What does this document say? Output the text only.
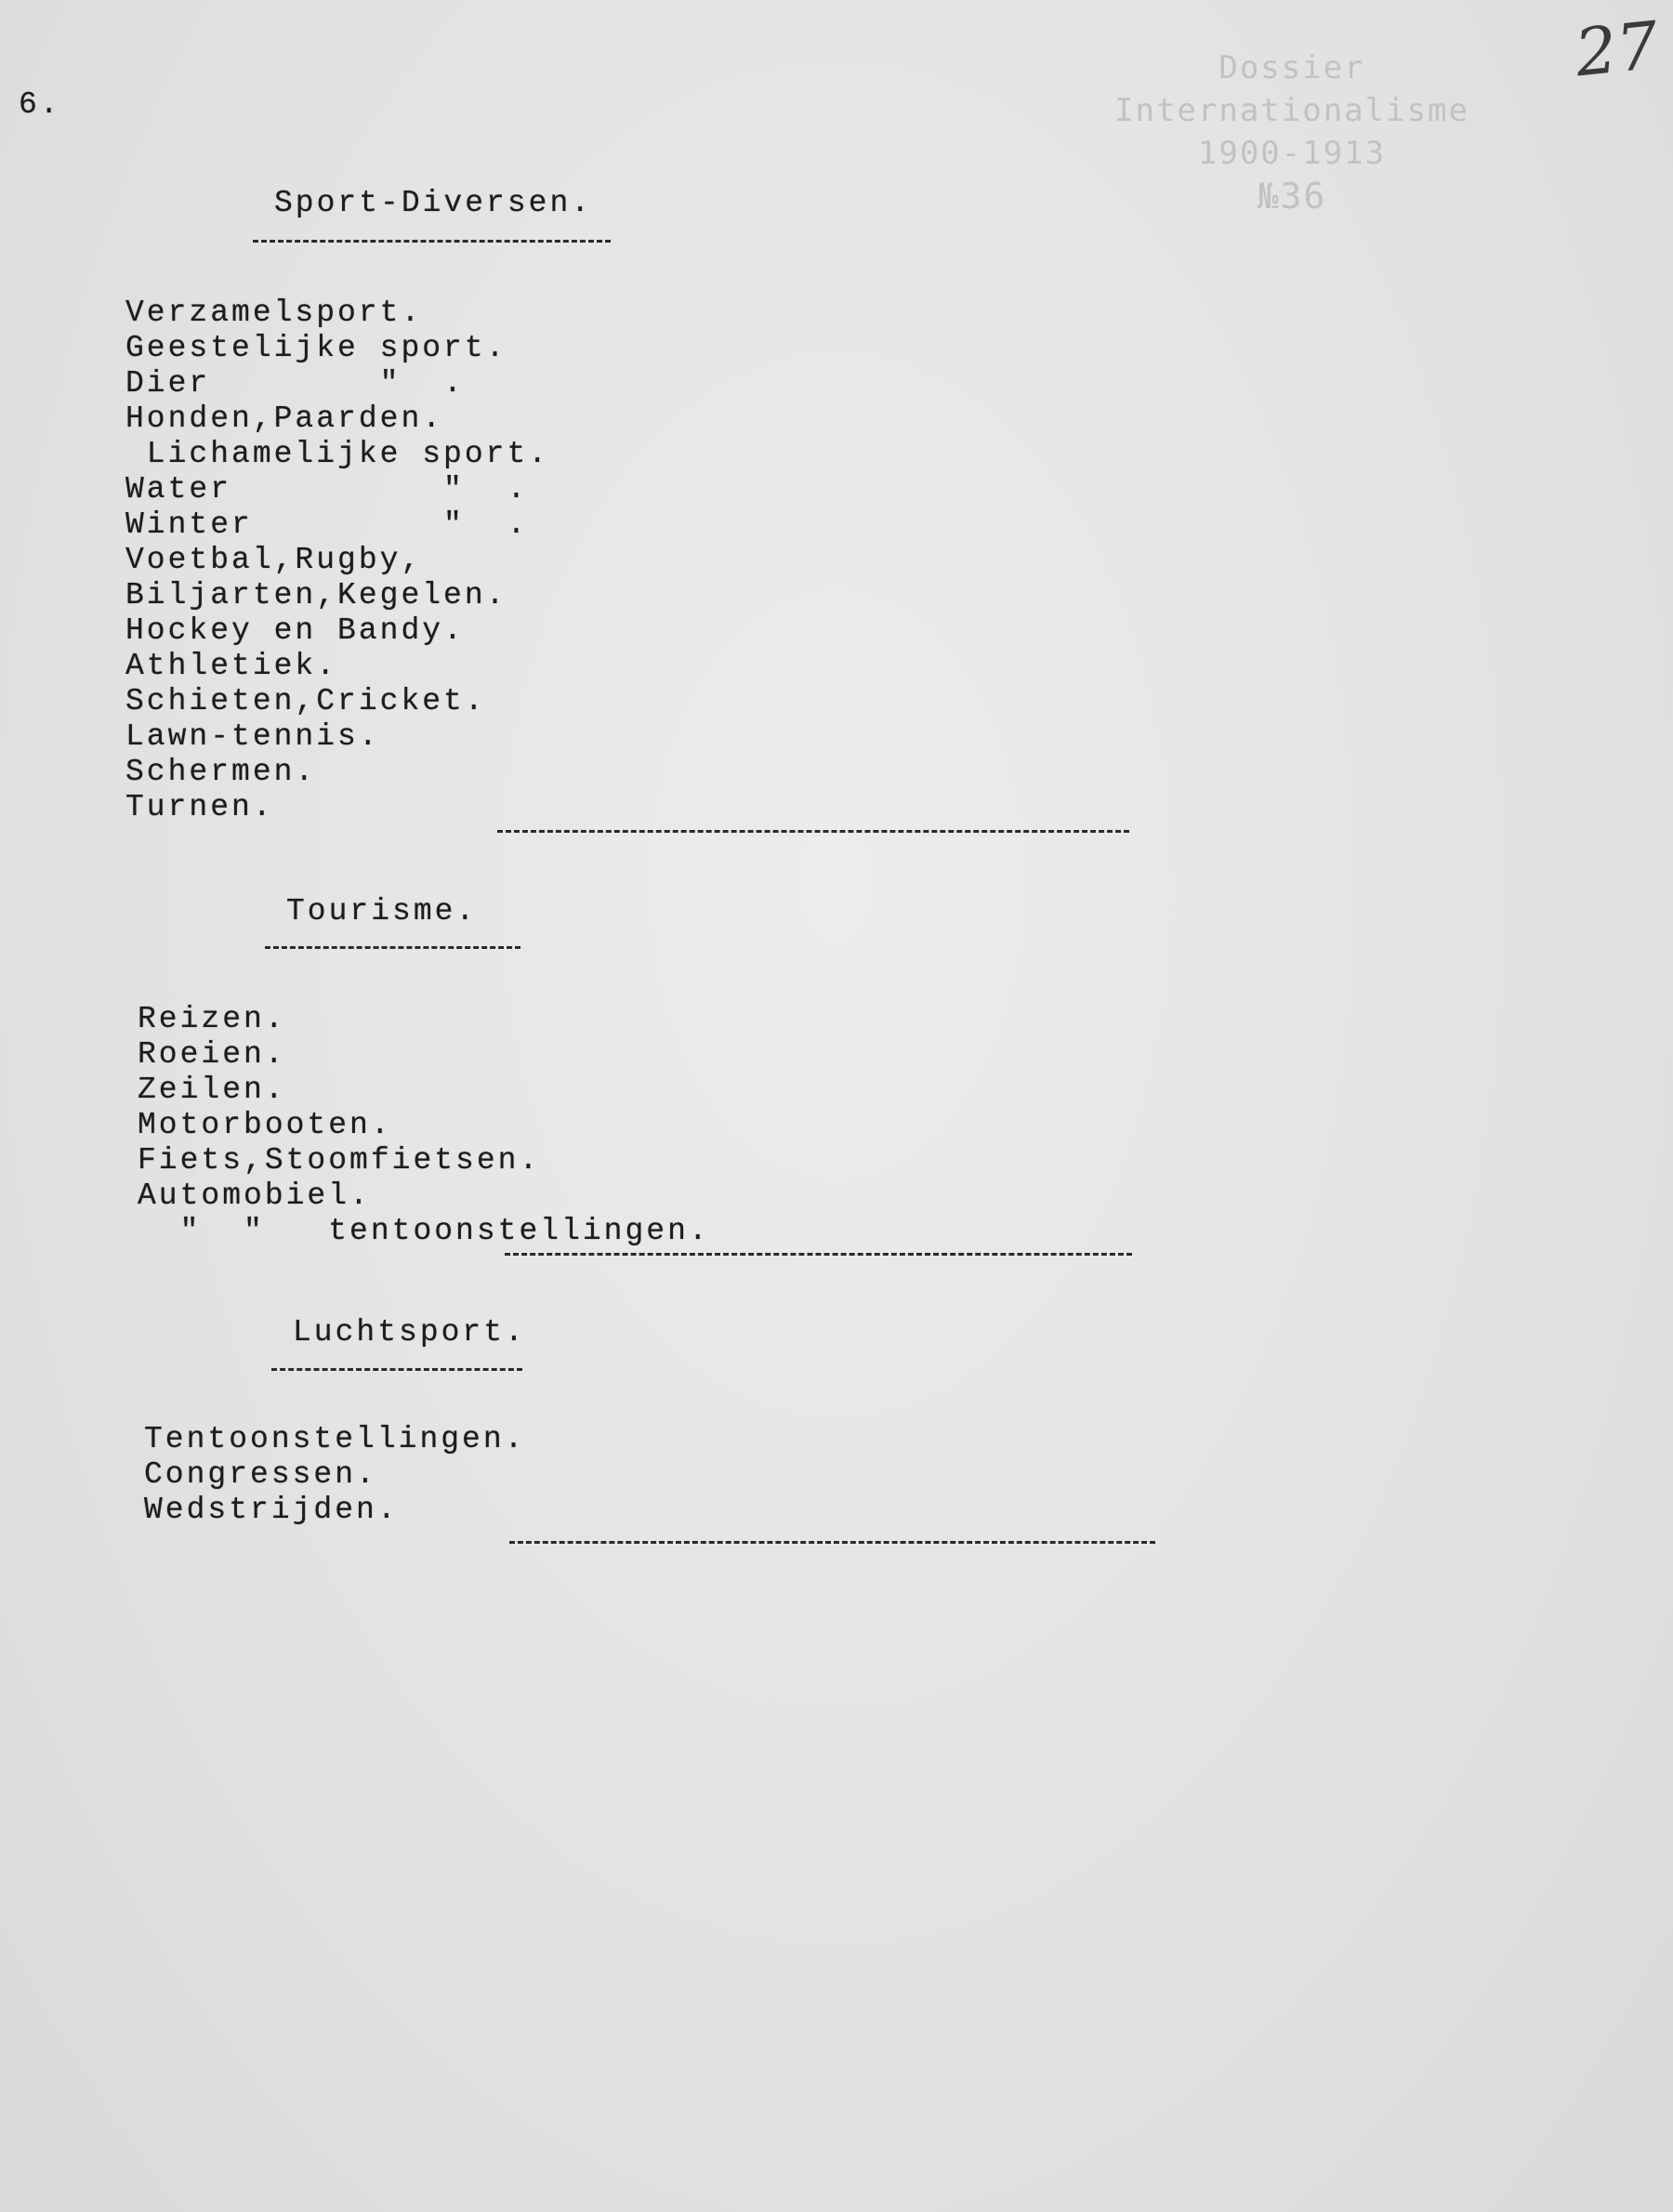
6.
Dossier
Internationalisme
1900-1913
№36
27
Sport-Diversen.
Verzamelsport.
Geestelijke sport.
Dier        "  .
Honden,Paarden.
Lichamelijke sport.
Water          "  .
Winter         "  .
Voetbal,Rugby,
Biljarten,Kegelen.
Hockey en Bandy.
Athletiek.
Schieten,Cricket.
Lawn-tennis.
Schermen.
Turnen.
Tourisme.
Reizen.
Roeien.
Zeilen.
Motorbooten.
Fiets,Stoomfietsen.
Automobiel.
"  "   tentoonstellingen.
Luchtsport.
Tentoonstellingen.
Congressen.
Wedstrijden.
